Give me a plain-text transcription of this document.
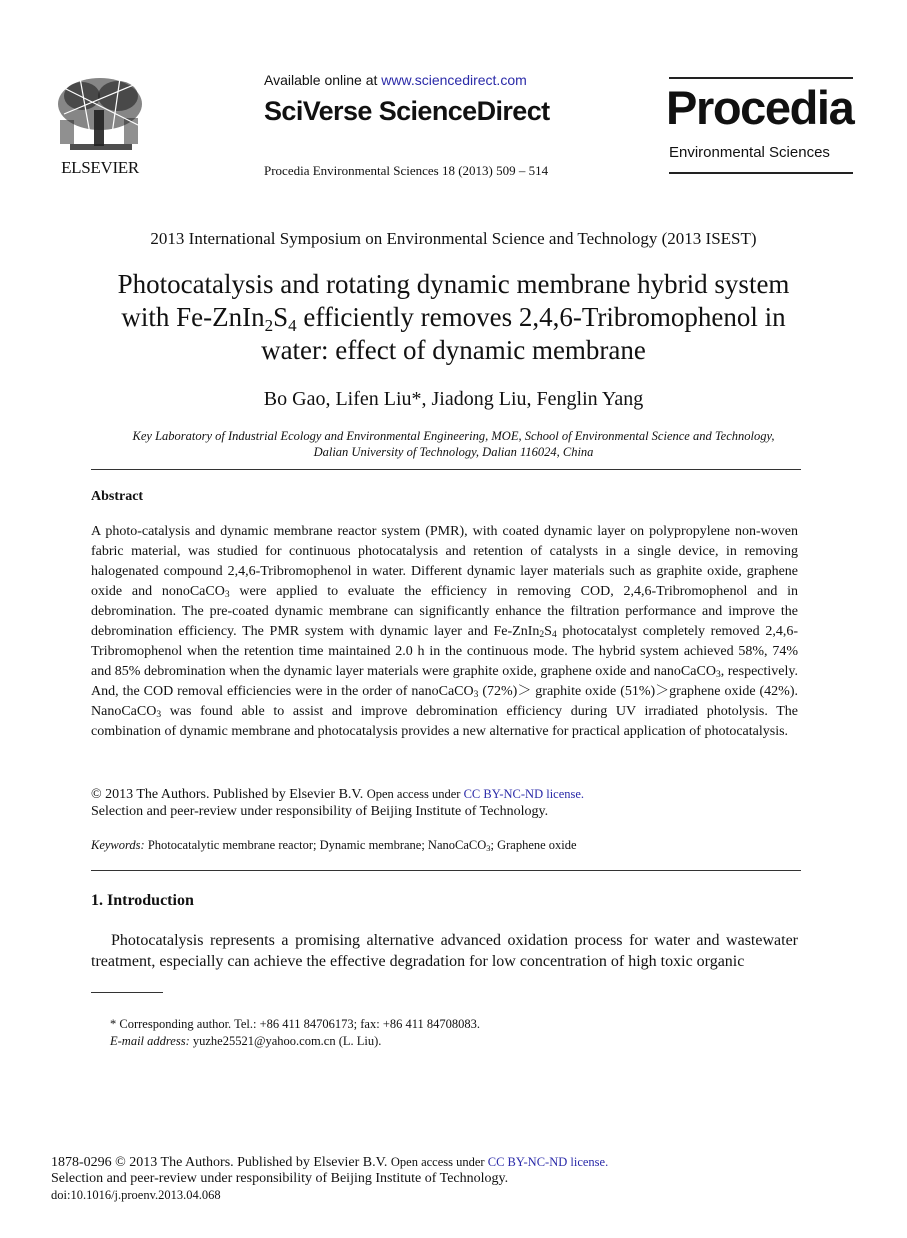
ELSEVIER
Available online at www.sciencedirect.com
SciVerse ScienceDirect
Procedia Environmental Sciences 18 (2013) 509 – 514
Procedia
Environmental Sciences
2013 International Symposium on Environmental Science and Technology (2013 ISEST)
Photocatalysis and rotating dynamic membrane hybrid system
with $Fe-ZnIn_2S_4$ efficiently removes 2,4,6-Tribromophenol in
water: effect of dynamic membrane
Bo Gao, Lifen Liu*, Jiadong Liu, Fenglin Yang
Key Laboratory of Industrial Ecology and Environmental Engineering, MOE, School of Environmental Science and Technology,
Dalian University of Technology, Dalian 116024, China
Abstract
A photo-catalysis and dynamic membrane reactor system (PMR), with coated dynamic layer on polypropylene non-woven fabric material, was studied for continuous photocatalysis and retention of catalysts in a single device, in removing halogenated compound 2,4,6-Tribromophenol in water. Different dynamic layer materials such as graphite oxide, graphene oxide and nonoCaCO$_3$ were applied to evaluate the efficiency in removing COD, 2,4,6-Tribromophenol and in debromination. The pre-coated dynamic membrane can significantly enhance the filtration performance and improve the debromination efficiency. The PMR system with dynamic layer and $Fe-ZnIn_2S_4$ photocatalyst completely removed 2,4,6-Tribromophenol when the retention time maintained 2.0 h in the continuous mode. The hybrid system achieved 58%, 74% and 85% debromination when the dynamic layer materials were graphite oxide, graphene oxide and nanoCaCO$_3$, respectively. And, the COD removal efficiencies were in the order of nanoCaCO$_3$ (72%)＞ graphite oxide (51%)＞graphene oxide (42%). NanoCaCO$_3$ was found able to assist and improve debromination efficiency during UV irradiated photolysis. The combination of dynamic membrane and photocatalysis provides a new alternative for practical application of photocatalysis.
© 2013 The Authors. Published by Elsevier B.V. Open access under CC BY-NC-ND license.
Selection and peer-review under responsibility of Beijing Institute of Technology.
Keywords: Photocatalytic membrane reactor; Dynamic membrane; NanoCaCO$_3$; Graphene oxide
1. Introduction
Photocatalysis represents a promising alternative advanced oxidation process for water and wastewater treatment, especially can achieve the effective degradation for low concentration of high toxic organic
* Corresponding author. Tel.: +86 411 84706173; fax: +86 411 84708083.
E-mail address: yuzhe25521@yahoo.com.cn (L. Liu).
1878-0296 © 2013 The Authors. Published by Elsevier B.V. Open access under CC BY-NC-ND license.
Selection and peer-review under responsibility of Beijing Institute of Technology.
doi:10.1016/j.proenv.2013.04.068
